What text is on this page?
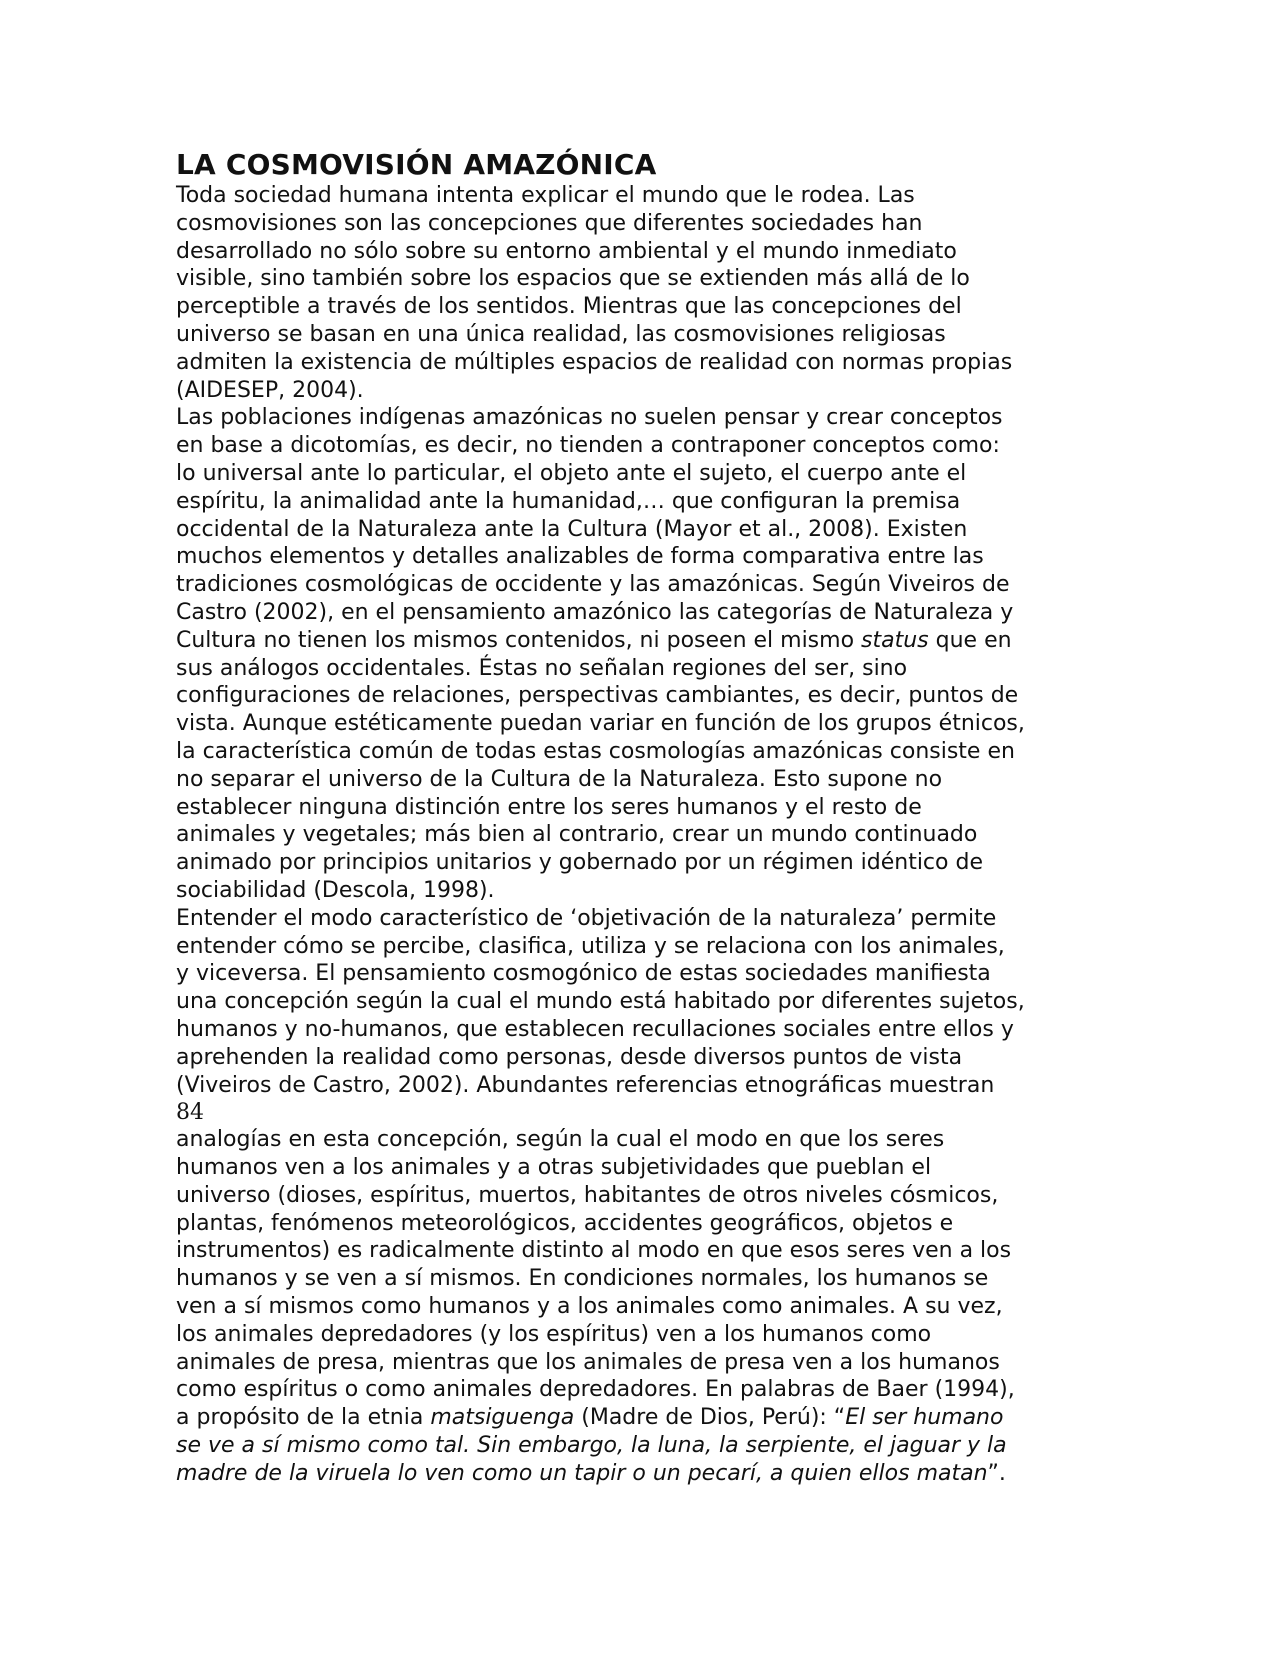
LA COSMOVISIÓN AMAZÓNICA
Toda sociedad humana intenta explicar el mundo que le rodea. Las
cosmovisiones son las concepciones que diferentes sociedades han
desarrollado no sólo sobre su entorno ambiental y el mundo inmediato
visible, sino también sobre los espacios que se extienden más allá de lo
perceptible a través de los sentidos. Mientras que las concepciones del
universo se basan en una única realidad, las cosmovisiones religiosas
admiten la existencia de múltiples espacios de realidad con normas propias
(AIDESEP, 2004).
Las poblaciones indígenas amazónicas no suelen pensar y crear conceptos
en base a dicotomías, es decir, no tienden a contraponer conceptos como:
lo universal ante lo particular, el objeto ante el sujeto, el cuerpo ante el
espíritu, la animalidad ante la humanidad,… que configuran la premisa
occidental de la Naturaleza ante la Cultura (Mayor et al., 2008). Existen
muchos elementos y detalles analizables de forma comparativa entre las
tradiciones cosmológicas de occidente y las amazónicas. Según Viveiros de
Castro (2002), en el pensamiento amazónico las categorías de Naturaleza y
Cultura no tienen los mismos contenidos, ni poseen el mismo status que en
sus análogos occidentales. Éstas no señalan regiones del ser, sino
configuraciones de relaciones, perspectivas cambiantes, es decir, puntos de
vista. Aunque estéticamente puedan variar en función de los grupos étnicos,
la característica común de todas estas cosmologías amazónicas consiste en
no separar el universo de la Cultura de la Naturaleza. Esto supone no
establecer ninguna distinción entre los seres humanos y el resto de
animales y vegetales; más bien al contrario, crear un mundo continuado
animado por principios unitarios y gobernado por un régimen idéntico de
sociabilidad (Descola, 1998).
Entender el modo característico de ‘objetivación de la naturaleza’ permite
entender cómo se percibe, clasifica, utiliza y se relaciona con los animales,
y viceversa. El pensamiento cosmogónico de estas sociedades manifiesta
una concepción según la cual el mundo está habitado por diferentes sujetos,
humanos y no-humanos, que establecen recullaciones sociales entre ellos y
aprehenden la realidad como personas, desde diversos puntos de vista
(Viveiros de Castro, 2002). Abundantes referencias etnográficas muestran
84
analogías en esta concepción, según la cual el modo en que los seres
humanos ven a los animales y a otras subjetividades que pueblan el
universo (dioses, espíritus, muertos, habitantes de otros niveles cósmicos,
plantas, fenómenos meteorológicos, accidentes geográficos, objetos e
instrumentos) es radicalmente distinto al modo en que esos seres ven a los
humanos y se ven a sí mismos. En condiciones normales, los humanos se
ven a sí mismos como humanos y a los animales como animales. A su vez,
los animales depredadores (y los espíritus) ven a los humanos como
animales de presa, mientras que los animales de presa ven a los humanos
como espíritus o como animales depredadores. En palabras de Baer (1994),
a propósito de la etnia matsiguenga (Madre de Dios, Perú): “El ser humano
se ve a sí mismo como tal. Sin embargo, la luna, la serpiente, el jaguar y la
madre de la viruela lo ven como un tapir o un pecarí, a quien ellos matan”.
